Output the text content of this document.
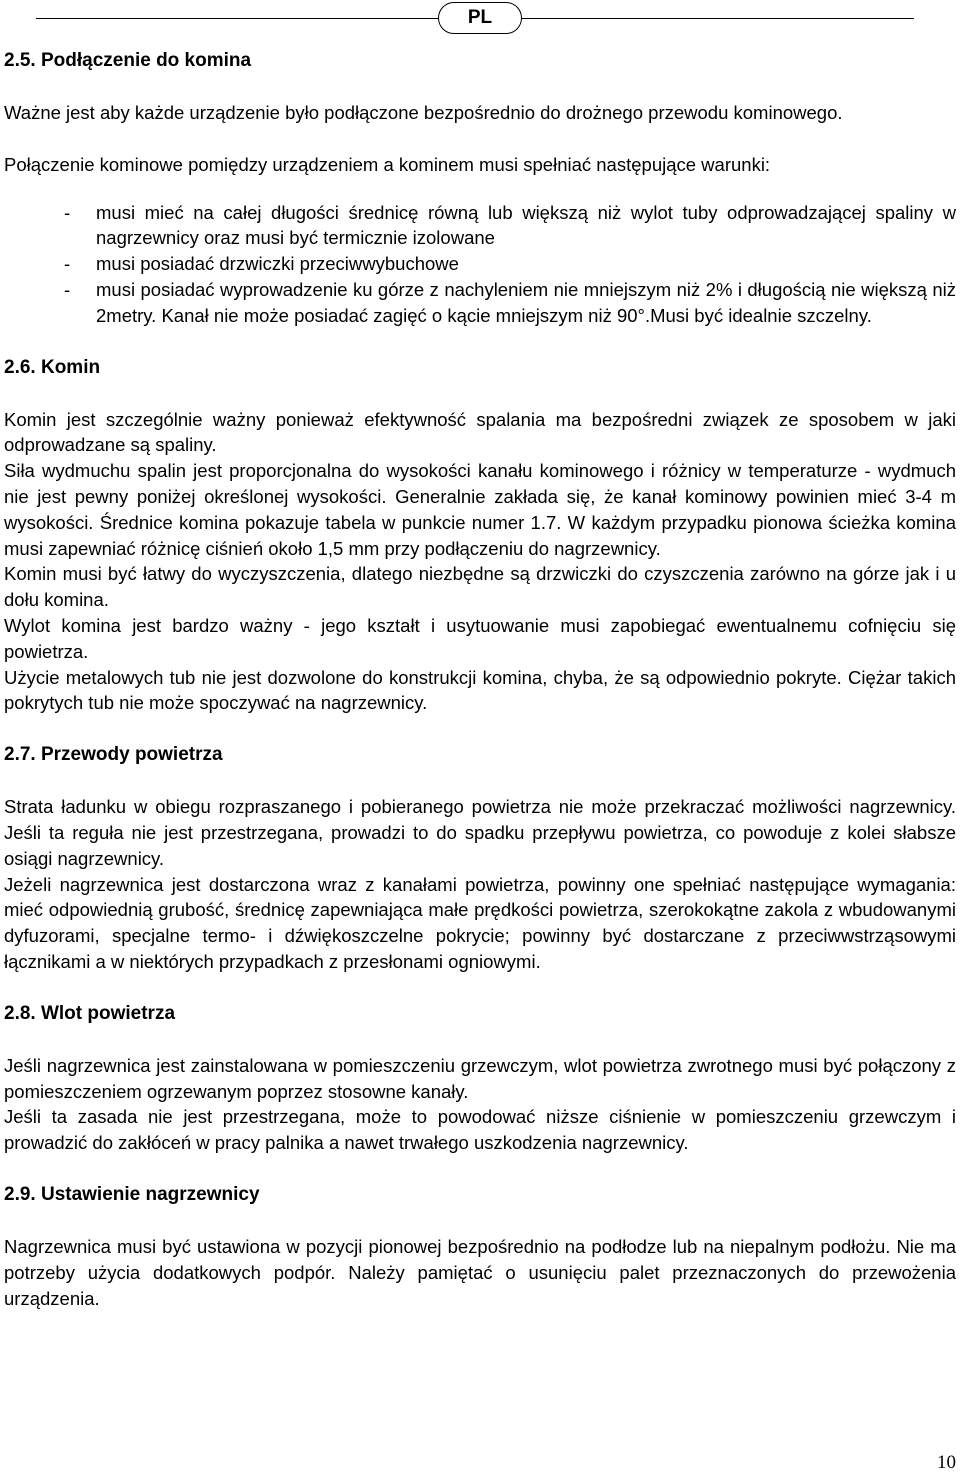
PL
2.5. Podłączenie do komina

Ważne jest aby każde urządzenie było podłączone bezpośrednio do drożnego przewodu kominowego.

Połączenie kominowe pomiędzy urządzeniem a kominem musi spełniać następujące warunki:

- musi mieć na całej długości średnicę równą lub większą niż wylot tuby odprowadzającej spaliny w nagrzewnicy oraz musi być termicznie izolowane
- musi posiadać drzwiczki przeciwwybuchowe
- musi posiadać wyprowadzenie ku górze z nachyleniem nie mniejszym niż 2% i długością nie większą niż 2metry. Kanał nie może posiadać zagięć o kącie mniejszym niż 90°.Musi być idealnie szczelny.
2.6. Komin

Komin jest szczególnie ważny ponieważ efektywność spalania ma bezpośredni związek ze sposobem w jaki odprowadzane są spaliny.

Siła wydmuchu spalin jest proporcjonalna do wysokości kanału kominowego i różnicy w temperaturze - wydmuch nie jest pewny poniżej określonej wysokości. Generalnie zakłada się, że kanał kominowy powinien mieć 3-4 m wysokości. Średnice komina pokazuje tabela w punkcie numer 1.7. W każdym przypadku pionowa ścieżka komina musi zapewniać różnicę ciśnień około 1,5 mm przy podłączeniu do nagrzewnicy.

Komin musi być łatwy do wyczyszczenia, dlatego niezbędne są drzwiczki do czyszczenia zarówno na górze jak i u dołu komina.

Wylot komina jest bardzo ważny - jego kształt i usytuowanie musi zapobiegać ewentualnemu cofnięciu się powietrza.

Użycie metalowych tub nie jest dozwolone do konstrukcji komina, chyba, że są odpowiednio pokryte. Ciężar takich pokrytych tub nie może spoczywać na nagrzewnicy.

2.7. Przewody powietrza

Strata ładunku w obiegu rozpraszanego i pobieranego powietrza nie może przekraczać możliwości nagrzewnicy. Jeśli ta reguła nie jest przestrzegana, prowadzi to do spadku przepływu powietrza, co powoduje z kolei słabsze osiągi nagrzewnicy.

Jeżeli nagrzewnica jest dostarczona wraz z kanałami powietrza, powinny one spełniać następujące wymagania: mieć odpowiednią grubość, średnicę zapewniająca małe prędkości powietrza, szerokokątne zakola z wbudowanymi dyfuzorami, specjalne termo- i dźwiękoszczelne pokrycie; powinny być dostarczane z przeciwwstrząsowymi łącznikami a w niektórych przypadkach z przesłonami ogniowymi.

2.8. Wlot powietrza

Jeśli nagrzewnica jest zainstalowana w pomieszczeniu grzewczym, wlot powietrza zwrotnego musi być połączony z pomieszczeniem ogrzewanym poprzez stosowne kanały.

Jeśli ta zasada nie jest przestrzegana, może to powodować niższe ciśnienie w pomieszczeniu grzewczym i prowadzić do zakłóceń w pracy palnika a nawet trwałego uszkodzenia nagrzewnicy.

2.9. Ustawienie nagrzewnicy

Nagrzewnica musi być ustawiona w pozycji pionowej bezpośrednio na podłodze lub na niepalnym podłożu. Nie ma potrzeby użycia dodatkowych podpór. Należy pamiętać o usunięciu palet przeznaczonych do przewożenia urządzenia.

10
